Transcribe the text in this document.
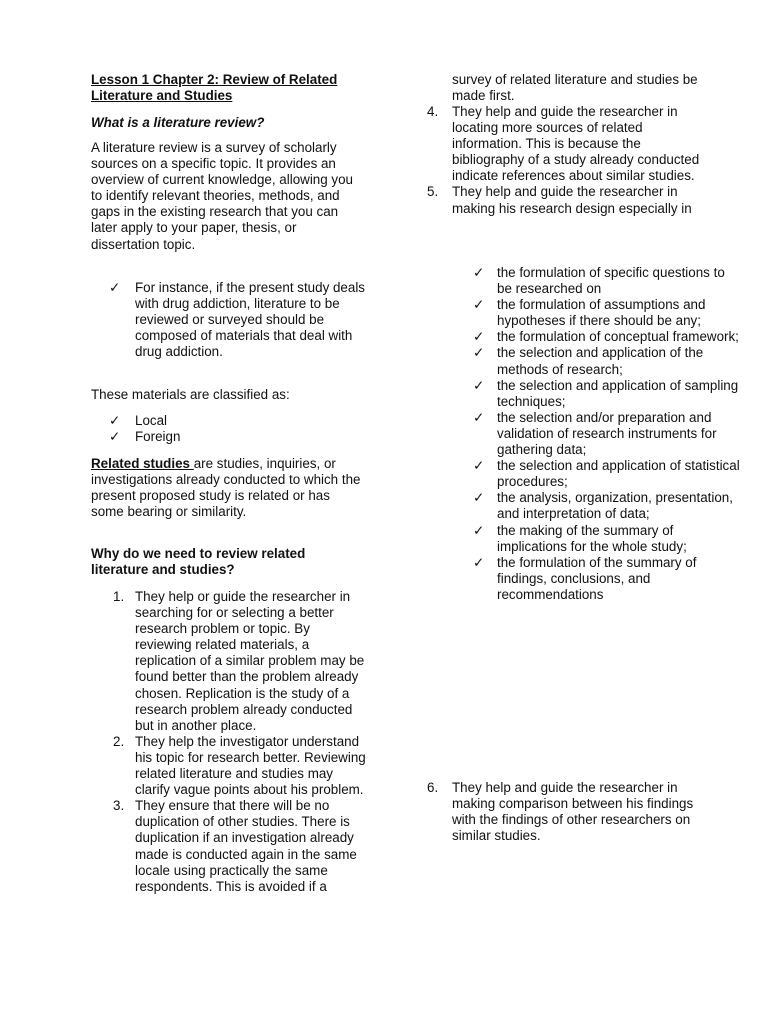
Lesson 1 Chapter 2: Review of Related Literature and Studies

What is a literature review?

A literature review is a survey of scholarly sources on a specific topic. It provides an overview of current knowledge, allowing you to identify relevant theories, methods, and gaps in the existing research that you can later apply to your paper, thesis, or dissertation topic.

✓	For instance, if the present study deals with drug addiction, literature to be reviewed or surveyed should be composed of materials that deal with drug addiction.

These materials are classified as:

✓	Local
✓	Foreign

Related studies are studies, inquiries, or investigations already conducted to which the present proposed study is related or has some bearing or similarity.

Why do we need to review related literature and studies?

1. They help or guide the researcher in searching for or selecting a better research problem or topic. By reviewing related materials, a replication of a similar problem may be found better than the problem already chosen. Replication is the study of a research problem already conducted but in another place.
2. They help the investigator understand his topic for research better. Reviewing related literature and studies may clarify vague points about his problem.
3. They ensure that there will be no duplication of other studies. There is duplication if an investigation already made is conducted again in the same locale using practically the same respondents. This is avoided if a

survey of related literature and studies be made first.

4. They help and guide the researcher in locating more sources of related information. This is because the bibliography of a study already conducted indicate references about similar studies.
5. They help and guide the researcher in making his research design especially in
✓ the formulation of specific questions to be researched on
✓ the formulation of assumptions and hypotheses if there should be any;
✓ the formulation of conceptual framework;
✓ the selection and application of the methods of research;
✓ the selection and application of sampling techniques;
✓ the selection and/or preparation and validation of research instruments for gathering data;
✓ the selection and application of statistical procedures;
✓ the analysis, organization, presentation, and interpretation of data;
✓ the making of the summary of implications for the whole study;
✓ the formulation of the summary of findings, conclusions, and recommendations
6. They help and guide the researcher in making comparison between his findings with the findings of other researchers on similar studies.
